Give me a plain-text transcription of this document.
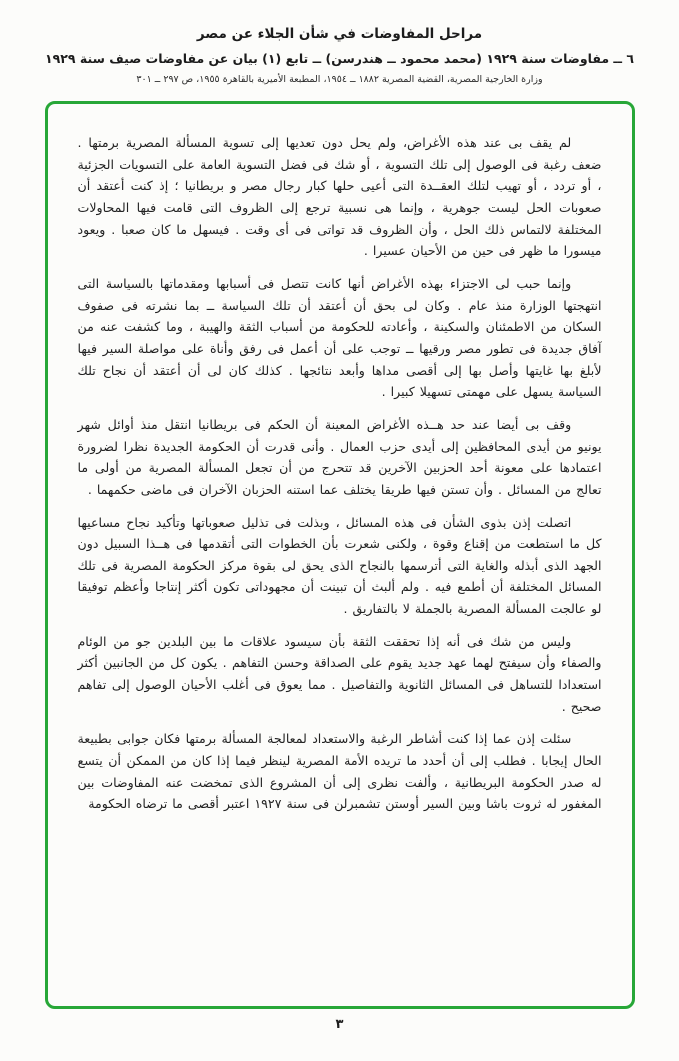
مراحل المفاوضات في شأن الجلاء عن مصر
٦ ــ مفاوضات سنة ١٩٢٩ (محمد محمود ــ هندرسن) ــ تابع (١) بيان عن مفاوضات صيف سنة ١٩٢٩
وزارة الخارجية المصرية، القضية المصرية ١٨٨٢ ــ ١٩٥٤، المطبعة الأميرية بالقاهرة ١٩٥٥، ص ٢٩٧ ــ ٣٠١

لم يقف بى عند هذه الأغراض، ولم يحل دون تعديها إلى تسوية المسألة المصرية برمتها . ضعف رغبة فى الوصول إلى تلك التسوية ، أو شك فى فضل التسوية العامة على التسويات الجزئية ، أو تردد ، أو تهيب لتلك العقــدة التى أعيى حلها كبار رجال مصر و بريطانيا ؛ إذ كنت أعتقد أن صعوبات الحل ليست جوهرية ، وإنما هى نسبية ترجع إلى الظروف التى قامت فيها المحاولات المختلفة لالتماس ذلك الحل ، وأن الظروف قد تواتى فى أى وقت . فيسهل ما كان صعبا . ويعود ميسورا ما ظهر فى حين من الأحيان عسيرا .

وإنما حبب لى الاجتزاء بهذه الأغراض أنها كانت تتصل فى أسبابها ومقدماتها بالسياسة التى انتهجتها الوزارة منذ عام . وكان لى بحق أن أعتقد أن تلك السياسة ــ بما نشرته فى صفوف السكان من الاطمئنان والسكينة ، وأعادته للحكومة من أسباب الثقة والهيبة ، وما كشفت عنه من آفاق جديدة فى تطور مصر ورقيها ــ توجب على أن أعمل فى رفق وأناة على مواصلة السير فيها لأبلغ بها غايتها وأصل بها إلى أقصى مداها وأبعد نتائجها . كذلك كان لى أن أعتقد أن نجاح تلك السياسة يسهل على مهمتى تسهيلا كبيرا .

وقف بى أيضا عند حد هــذه الأغراض المعينة أن الحكم فى بريطانيا انتقل منذ أوائل شهر يونيو من أيدى المحافظين إلى أيدى حزب العمال . وأنى قدرت أن الحكومة الجديدة نظرا لضرورة اعتمادها على معونة أحد الحزبين الآخرين قد تتحرج من أن تجعل المسألة المصرية من أولى ما تعالج من المسائل . وأن تستن فيها طريقا يختلف عما استنه الحزبان الآخران فى ماضى حكمهما .

اتصلت إذن بذوى الشأن فى هذه المسائل ، وبذلت فى تذليل صعوباتها وتأكيد نجاح مساعيها كل ما استطعت من إقناع وقوة ، ولكنى شعرت بأن الخطوات التى أتقدمها فى هــذا السبيل دون الجهد الذى أبذله والغاية التى أترسمها بالنجاح الذى يحق لى بقوة مركز الحكومة المصرية فى تلك المسائل المختلفة أن أطمع فيه . ولم ألبث أن تبينت أن مجهوداتى تكون أكثر إنتاجا وأعظم توفيقا لو عالجت المسألة المصرية بالجملة لا بالتفاريق .

وليس من شك فى أنه إذا تحققت الثقة بأن سيسود علاقات ما بين البلدين جو من الوئام والصفاء وأن سيفتح لهما عهد جديد يقوم على الصداقة وحسن التفاهم . يكون كل من الجانبين أكثر استعدادا للتساهل فى المسائل الثانوية والتفاصيل . مما يعوق فى أغلب الأحيان الوصول إلى تفاهم صحيح .

سئلت إذن عما إذا كنت أشاطر الرغبة والاستعداد لمعالجة المسألة برمتها فكان جوابى بطبيعة الحال إيجابا . فطلب إلى أن أحدد ما تريده الأمة المصرية لينظر فيما إذا كان من الممكن أن يتسع له صدر الحكومة البريطانية ، وألفت نظرى إلى أن المشروع الذى تمخضت عنه المفاوضات بين المغفور له ثروت باشا وبين السير أوستن تشمبرلن فى سنة ١٩٢٧ اعتبر أقصى ما ترضاه الحكومة

٣
